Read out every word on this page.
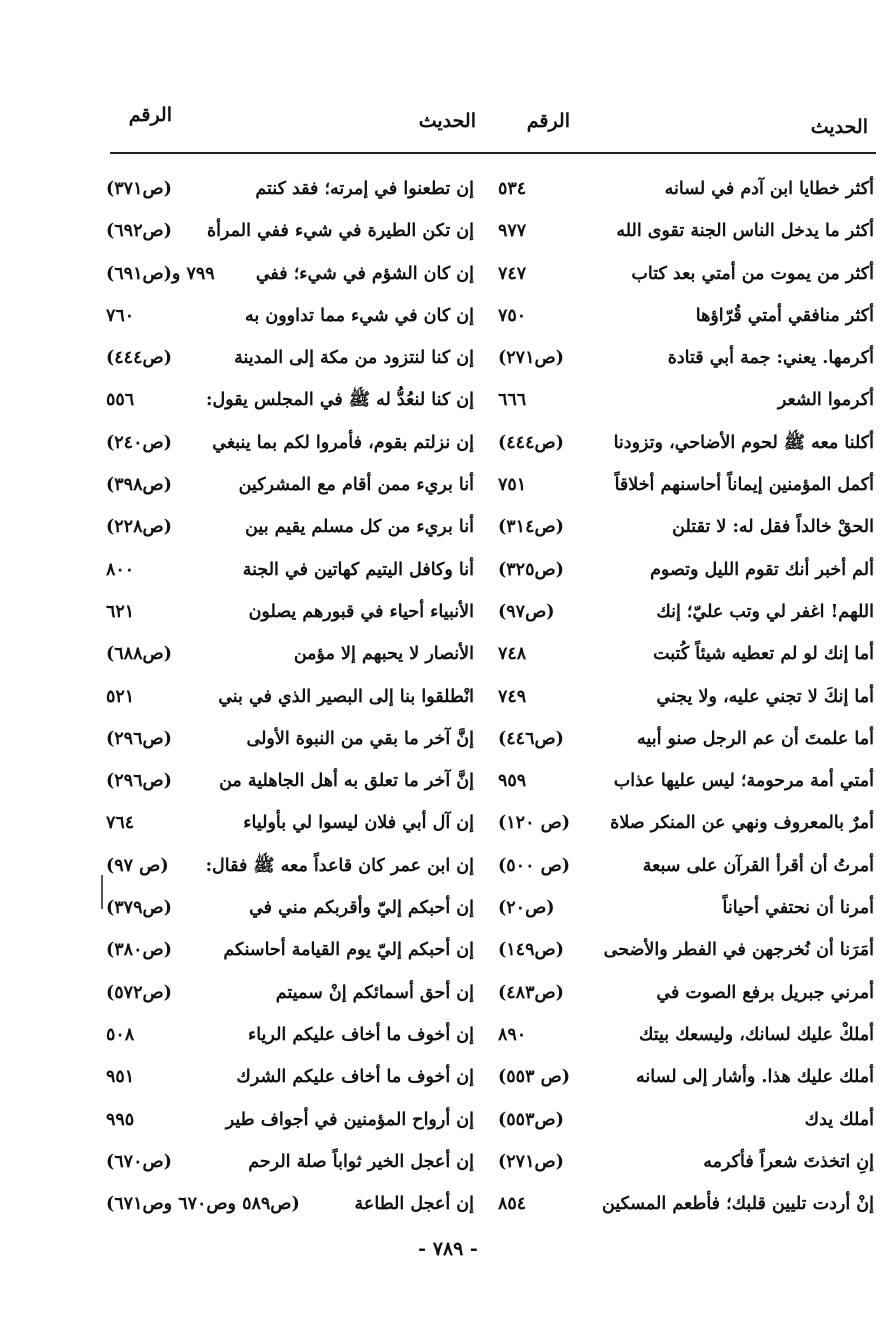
الحديث
الرقم
الحديث
الرقم
أكثر خطايا ابن آدم في لسانه
٥٣٤
أكثر ما يدخل الناس الجنة تقوى الله
٩٧٧
أكثر من يموت من أمتي بعد كتاب
٧٤٧
أكثر منافقي أمتي قُرّاؤها
٧٥٠
أكرمها. يعني: جمة أبي قتادة
(ص٢٧١)
أكرموا الشعر
٦٦٦
أكلنا معه ﷺ لحوم الأضاحي، وتزودنا
(ص٤٤٤)
أكمل المؤمنين إيماناً أحاسنهم أخلاقاً
٧٥١
الحقْ خالداً فقل له: لا تقتلن
(ص٣١٤)
ألم أخبر أنك تقوم الليل وتصوم
(ص٣٢٥)
اللهم! اغفر لي وتب عليّ؛ إنك
(ص٩٧)
أما إنك لو لم تعطيه شيئاً كُتبت
٧٤٨
أما إنكَ لا تجني عليه، ولا يجني
٧٤٩
أما علمتَ أن عم الرجل صنو أبيه
(ص٤٤٦)
أمتي أمة مرحومة؛ ليس عليها عذاب
٩٥٩
أمرٌ بالمعروف ونهي عن المنكر صلاة
(ص ١٢٠)
أمرتُ أن أقرأ القرآن على سبعة
(ص ٥٠٠)
أمرنا أن نحتفي أحياناً
(ص٢٠)
أمَرَنا أن نُخرجهن في الفطر والأضحى
(ص١٤٩)
أمرني جبريل برفع الصوت في
(ص٤٨٣)
أملكْ عليك لسانك، وليسعك بيتك
٨٩٠
أملك عليك هذا. وأشار إلى لسانه
(ص ٥٥٣)
أملك يدك
(ص٥٥٣)
إنِ اتخذتَ شعراً فأكرمه
(ص٢٧١)
إنْ أردت تليين قلبك؛ فأطعم المسكين
٨٥٤
إن تطعنوا في إمرته؛ فقد كنتم
(ص٣٧١)
إن تكن الطيرة في شيء ففي المرأة
(ص٦٩٢)
إن كان الشؤم في شيء؛ ففي
٧٩٩ و(ص٦٩١)
إن كان في شيء مما تداوون به
٧٦٠
إن كنا لنتزود من مكة إلى المدينة
(ص٤٤٤)
إن كنا لنعُدُّ له ﷺ في المجلس يقول:
٥٥٦
إن نزلتم بقوم، فأمروا لكم بما ينبغي
(ص٢٤٠)
أنا بريء ممن أقام مع المشركين
(ص٣٩٨)
أنا بريء من كل مسلم يقيم بين
(ص٢٢٨)
أنا وكافل اليتيم كهاتين في الجنة
٨٠٠
الأنبياء أحياء في قبورهم يصلون
٦٢١
الأنصار لا يحبهم إلا مؤمن
(ص٦٨٨)
انْطلقوا بنا إلى البصير الذي في بني
٥٢١
إنَّ آخر ما بقي من النبوة الأولى
(ص٢٩٦)
إنَّ آخر ما تعلق به أهل الجاهلية من
(ص٢٩٦)
إن آل أبي فلان ليسوا لي بأولياء
٧٦٤
إن ابن عمر كان قاعداً معه ﷺ فقال:
(ص ٩٧)
إن أحبكم إليّ وأقربكم مني في
(ص٣٧٩)
إن أحبكم إليّ يوم القيامة أحاسنكم
(ص٣٨٠)
إن أحق أسمائكم إنْ سميتم
(ص٥٧٢)
إن أخوف ما أخاف عليكم الرياء
٥٠٨
إن أخوف ما أخاف عليكم الشرك
٩٥١
إن أرواح المؤمنين في أجواف طير
٩٩٥
إن أعجل الخير ثواباً صلة الرحم
(ص٦٧٠)
إن أعجل الطاعة
(ص٥٨٩ وص٦٧٠ وص٦٧١)
- ٧٨٩ -
